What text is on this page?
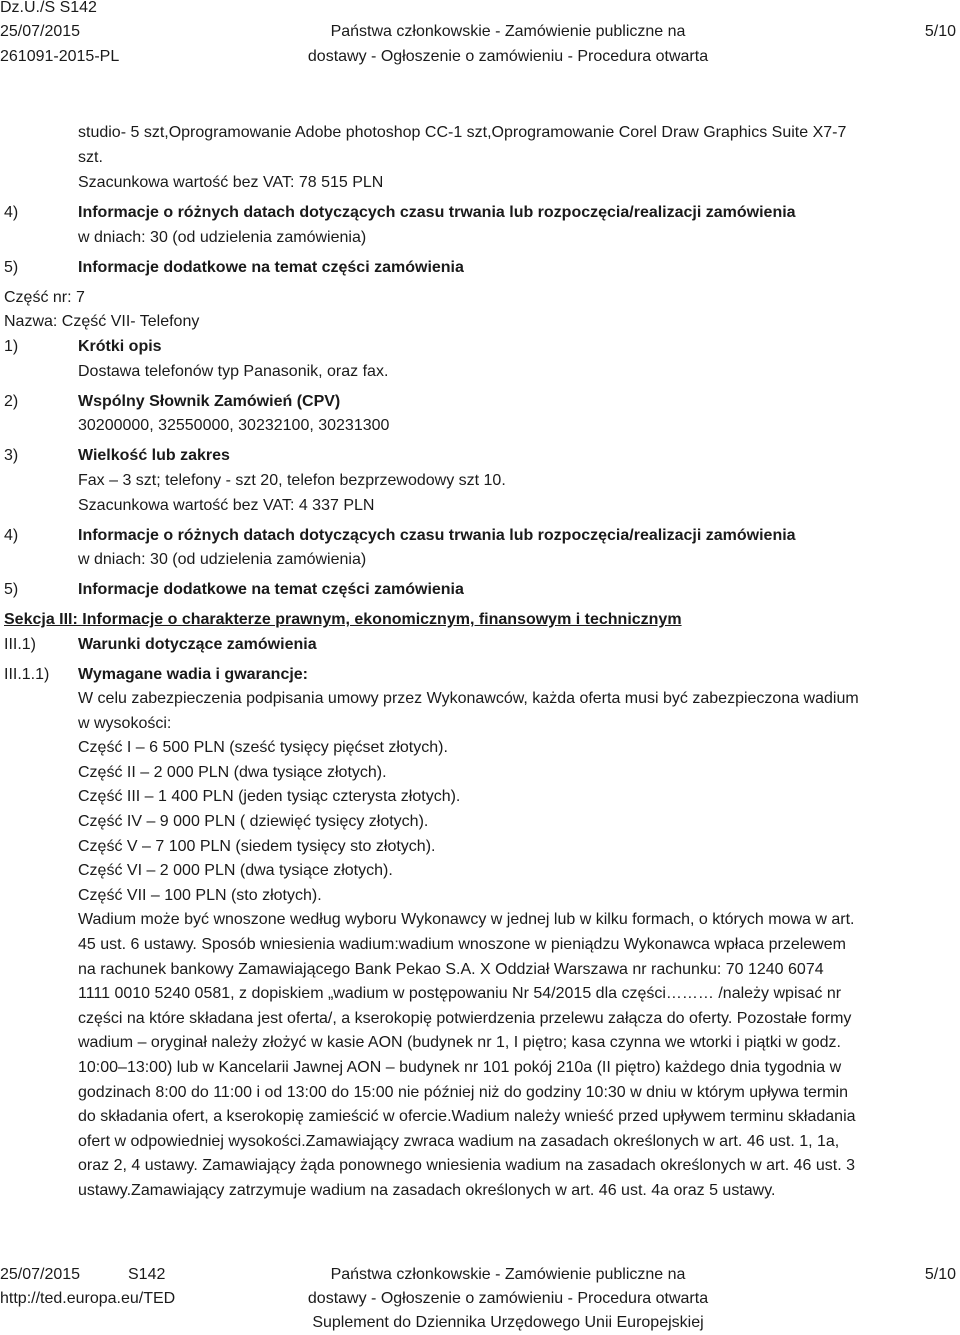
Dz.U./S S142
25/07/2015
261091-2015-PL
Państwa członkowskie - Zamówienie publiczne na
dostawy - Ogłoszenie o zamówieniu - Procedura otwarta
5/10
studio- 5 szt,Oprogramowanie Adobe photoshop CC-1 szt,Oprogramowanie Corel Draw Graphics Suite X7-7
szt.
Szacunkowa wartość bez VAT: 78 515 PLN
4)	Informacje o różnych datach dotyczących czasu trwania lub rozpoczęcia/realizacji zamówienia
w dniach: 30 (od udzielenia zamówienia)
5)	Informacje dodatkowe na temat części zamówienia
Część nr: 7
Nazwa: Część VII- Telefony
1)	Krótki opis
Dostawa telefonów typ Panasonik, oraz fax.
2)	Wspólny Słownik Zamówień (CPV)
30200000, 32550000, 30232100, 30231300
3)	Wielkość lub zakres
Fax – 3 szt; telefony - szt 20, telefon bezprzewodowy szt 10.
Szacunkowa wartość bez VAT: 4 337 PLN
4)	Informacje o różnych datach dotyczących czasu trwania lub rozpoczęcia/realizacji zamówienia
w dniach: 30 (od udzielenia zamówienia)
5)	Informacje dodatkowe na temat części zamówienia
Sekcja III: Informacje o charakterze prawnym, ekonomicznym, finansowym i technicznym
III.1)	Warunki dotyczące zamówienia
III.1.1) Wymagane wadia i gwarancje:
W celu zabezpieczenia podpisania umowy przez Wykonawców, każda oferta musi być zabezpieczona wadium
w wysokości:
Część I – 6 500 PLN (sześć tysięcy pięćset złotych).
Część II – 2 000 PLN (dwa tysiące złotych).
Część III – 1 400 PLN (jeden tysiąc czterysta złotych).
Część IV – 9 000 PLN ( dziewięć tysięcy złotych).
Część V – 7 100 PLN (siedem tysięcy sto złotych).
Część VI – 2 000 PLN (dwa tysiące złotych).
Część VII – 100 PLN (sto złotych).
Wadium może być wnoszone według wyboru Wykonawcy w jednej lub w kilku formach, o których mowa w art.
45 ust. 6 ustawy. Sposób wniesienia wadium:wadium wnoszone w pieniądzu Wykonawca wpłaca przelewem
na rachunek bankowy Zamawiającego Bank Pekao S.A. X Oddział Warszawa nr rachunku: 70 1240 6074
1111 0010 5240 0581, z dopiskiem „wadium w postępowaniu Nr 54/2015 dla części……… /należy wpisać nr
części na które składana jest oferta/, a kserokopię potwierdzenia przelewu załącza do oferty. Pozostałe formy
wadium – oryginał należy złożyć w kasie AON (budynek nr 1, I piętro; kasa czynna we wtorki i piątki w godz.
10:00–13:00) lub w Kancelarii Jawnej AON – budynek nr 101 pokój 210a (II piętro) każdego dnia tygodnia w
godzinach 8:00 do 11:00 i od 13:00 do 15:00 nie później niż do godziny 10:30 w dniu w którym upływa termin
do składania ofert, a kserokopię zamieścić w ofercie.Wadium należy wnieść przed upływem terminu składania
ofert w odpowiedniej wysokości.Zamawiający zwraca wadium na zasadach określonych w art. 46 ust. 1, 1a,
oraz 2, 4 ustawy. Zamawiający żąda ponownego wniesienia wadium na zasadach określonych w art. 46 ust. 3
ustawy.Zamawiający zatrzymuje wadium na zasadach określonych w art. 46 ust. 4a oraz 5 ustawy.
25/07/2015	S142
http://ted.europa.eu/TED
Państwa członkowskie - Zamówienie publiczne na
dostawy - Ogłoszenie o zamówieniu - Procedura otwarta
Suplement do Dziennika Urzędowego Unii Europejskiej
5/10
